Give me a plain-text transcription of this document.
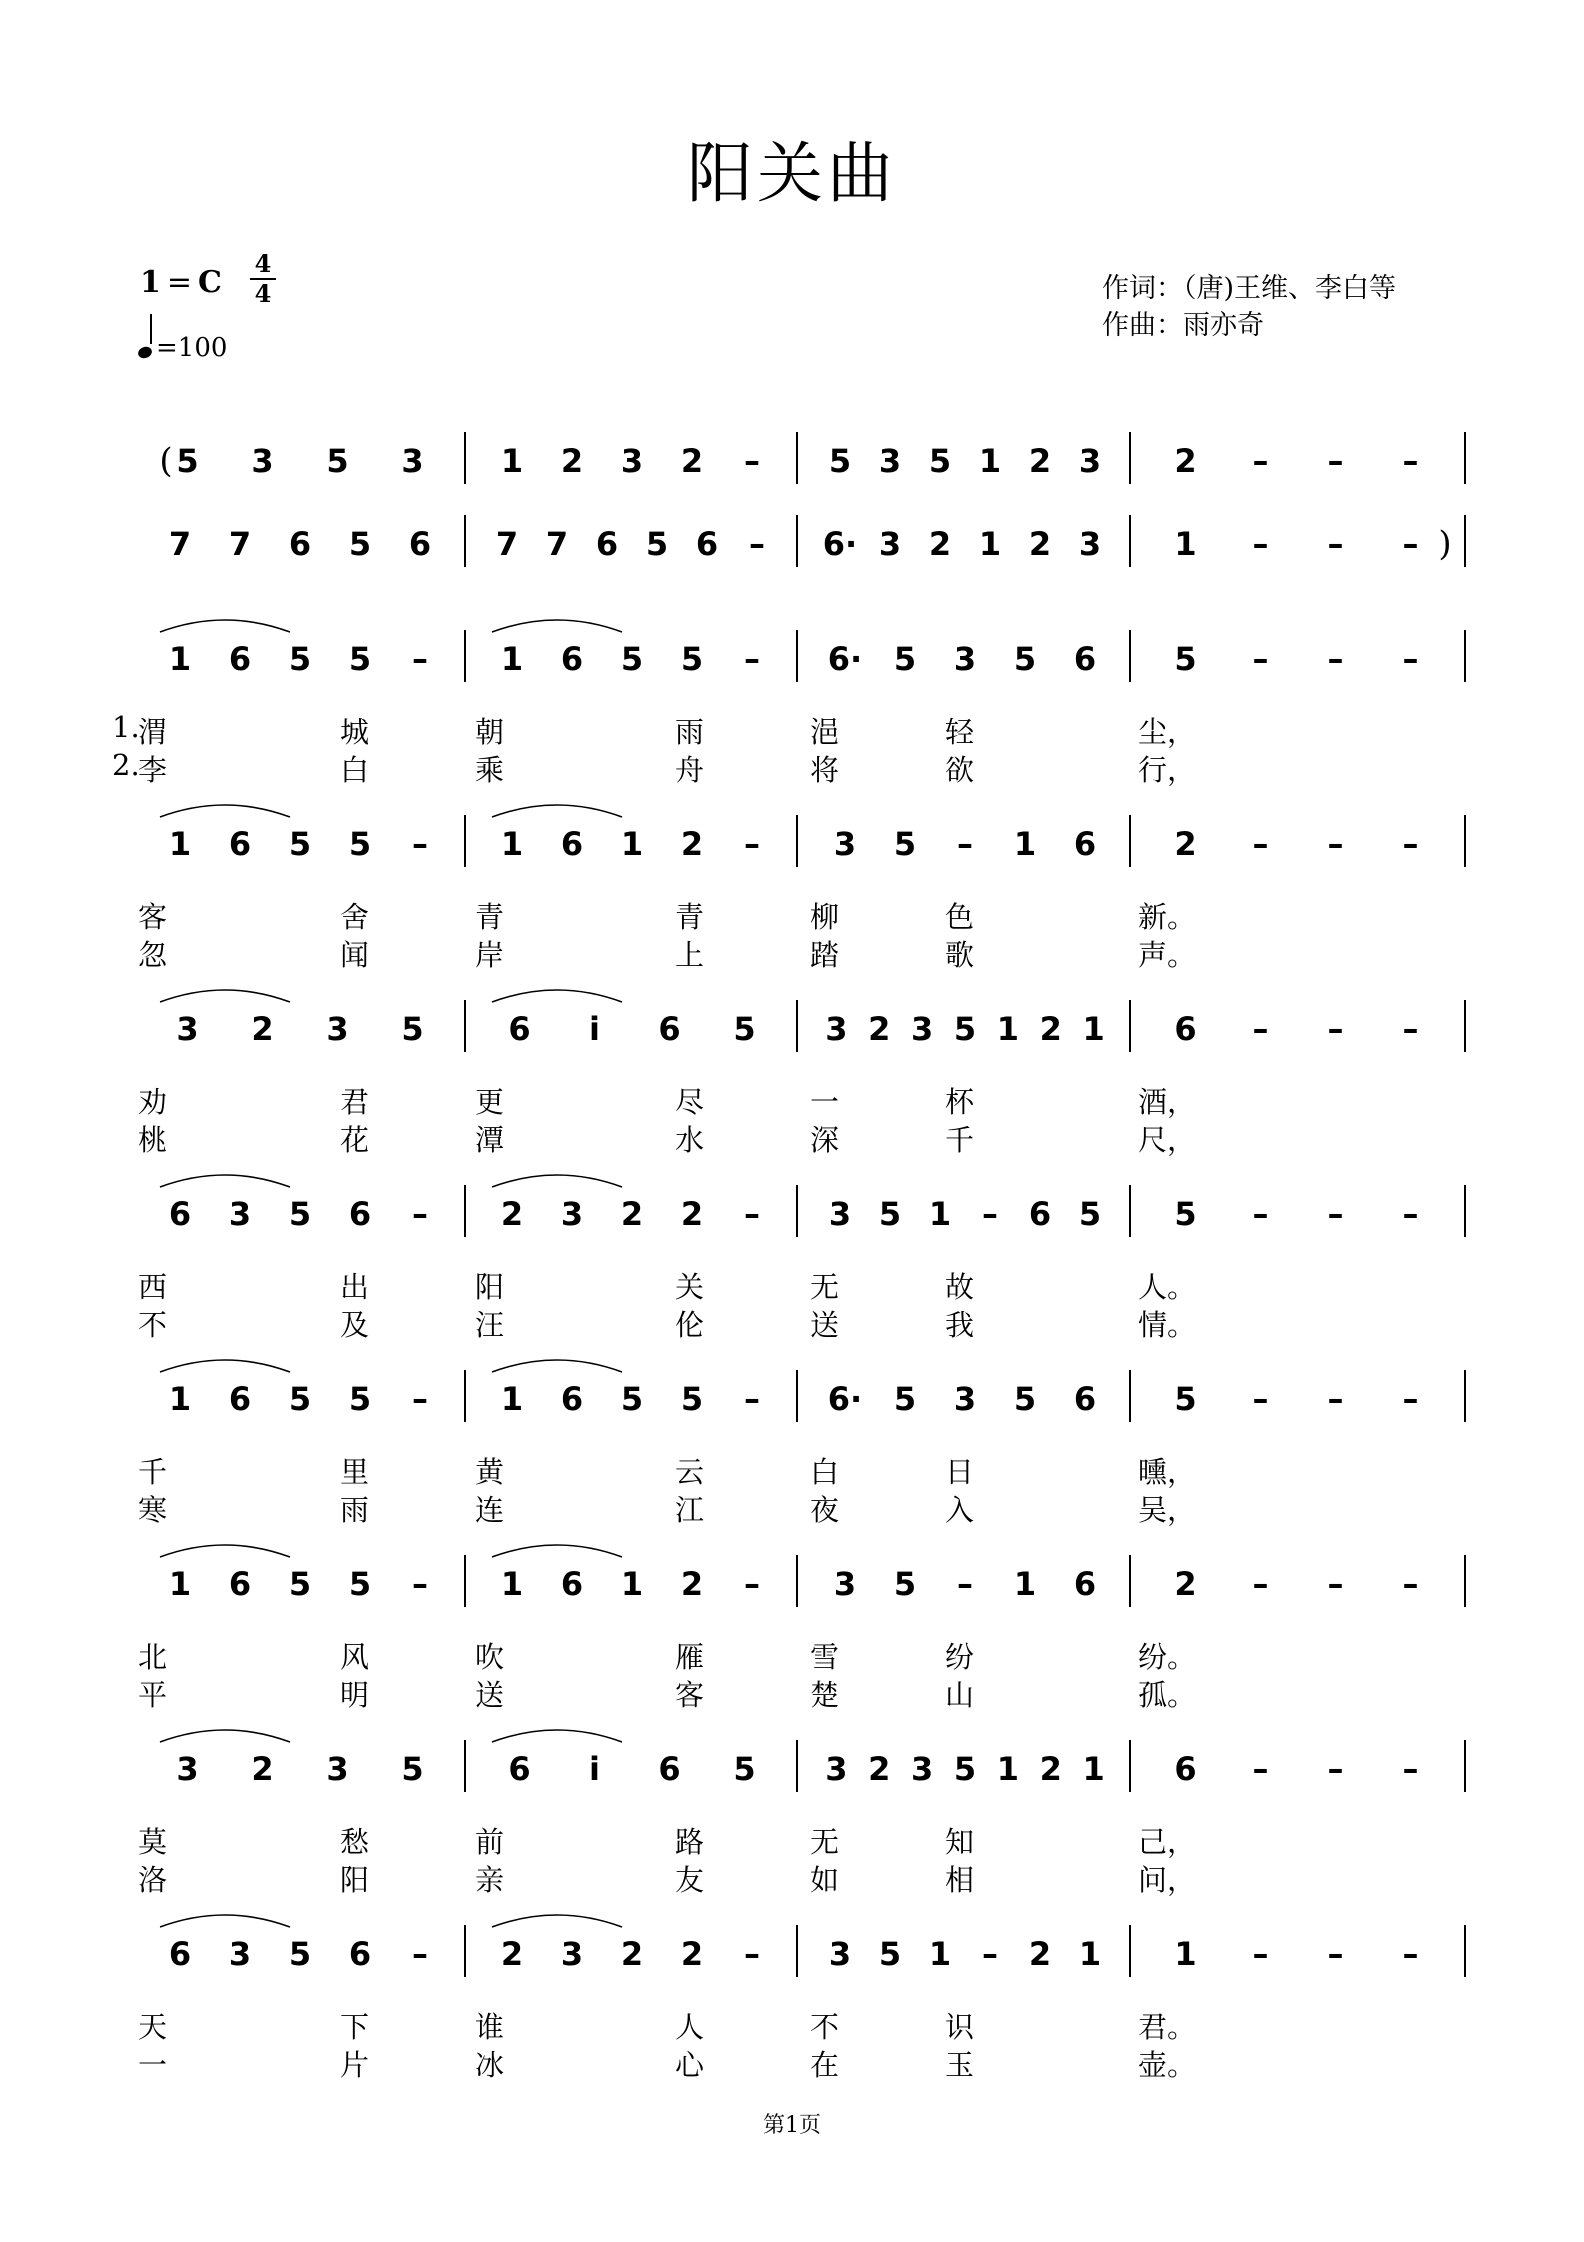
阳关曲
1 = C
4
4
=100
作词：（唐)王维、李白等
作曲：雨亦奇
5 3 5 3 1 2 3 2 – 5 3 5 1 2 3 2 – – –
7 7 6 5 6 7 7 6 5 6 – 6· 3 2 1 2 3 1 – – –
(
)
1 6 5 5 – 1 6 5 5 – 6· 5 3 5 6 5 – – –
1 6 5 5 – 1 6 1 2 – 3 5 – 1 6 2 – – –
3 2 3 5	6 i 6 5 3 2 3 5 1 2 1 6 – – –
6 3 5 6 – 2 3 2 2 – 3 5 1 – 6 5 5 – – –
1 6 5 5 – 1 6 5 5 – 6· 5 3 5 6 5 – – –
1 6 5 5 – 1 6 1 2 – 3 5 – 1 6 2 – – –
3 2 3 5	6 i 6 5 3 2 3 5 1 2 1 6 – – –
6 3 5 6 – 2 3 2 2 – 3 5 1 – 2 1 1 – – –
渭	城	朝	雨	浥	轻	尘，
李	白	乘	舟	将	欲	行，
客	舍	青	青	柳	色	新。
忽	闻	岸	上	踏	歌	声。
劝	君	更	尽	一	杯	酒，
桃	花	潭	水	深	千	尺，
西	出	阳	关	无	故	人。
不	及	汪	伦	送	我	情。
千	里	黄	云	白	日	曛，
寒	雨	连	江	夜	入	吴，
北	风	吹	雁	雪	纷	纷。
平	明	送	客	楚	山	孤。
莫	愁	前	路	无	知	己，
洛	阳	亲	友	如	相	问，
天	下	谁	人	不	识	君。
一	片	冰	心	在	玉	壶。
1.
2.
第1页
